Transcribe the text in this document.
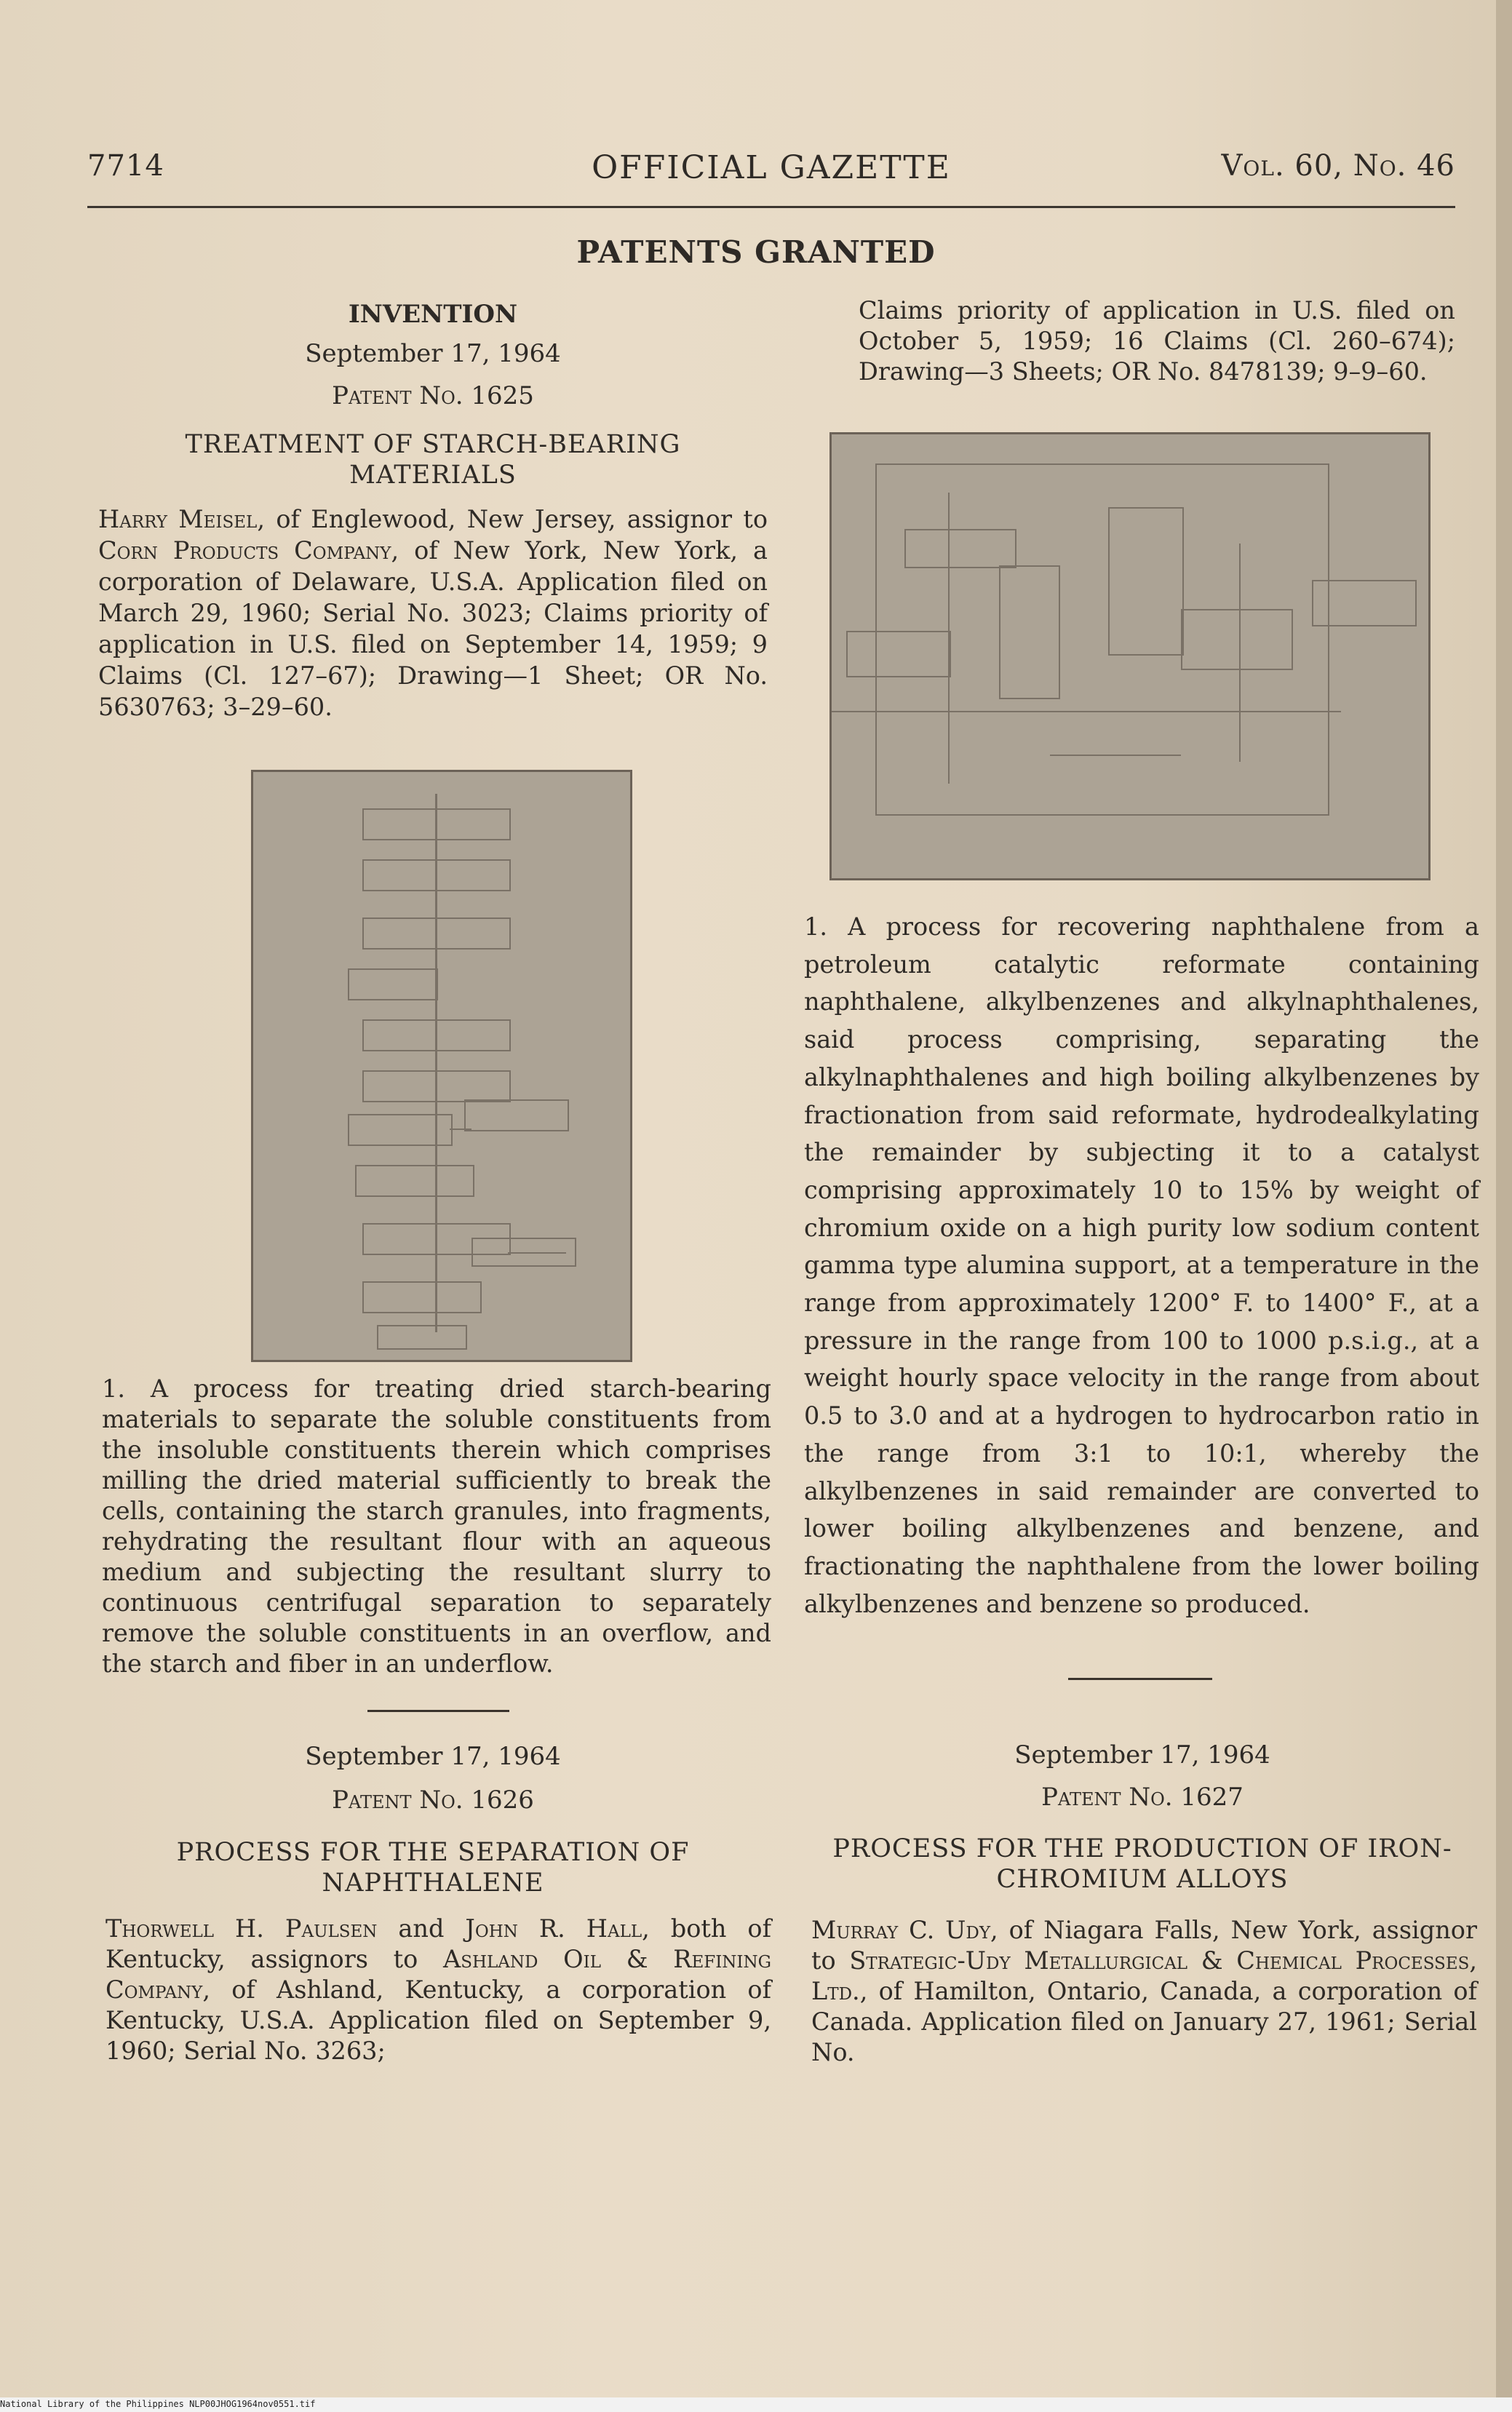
7714	OFFICIAL GAZETTE	Vol. 60, No. 46
PATENTS GRANTED
INVENTION
September 17, 1964
Patent No. 1625
TREATMENT OF STARCH-BEARING MATERIALS
Harry Meisel, of Englewood, New Jersey, assignor to Corn Products Company, of New York, New York, a corporation of Delaware, U.S.A. Application filed on March 29, 1960; Serial No. 3023; Claims priority of application in U.S. filed on September 14, 1959; 9 Claims (Cl. 127–67); Drawing—1 Sheet; OR No. 5630763; 3–29–60.
1. A process for treating dried starch-bearing materials to separate the soluble constituents from the insoluble constituents therein which comprises milling the dried material sufficiently to break the cells, containing the starch granules, into fragments, rehydrating the resultant flour with an aqueous medium and subjecting the resultant slurry to continuous centrifugal separation to separately remove the soluble constituents in an overflow, and the starch and fiber in an underflow.
September 17, 1964
Patent No. 1626
PROCESS FOR THE SEPARATION OF NAPHTHALENE
Thorwell H. Paulsen and John R. Hall, both of Kentucky, assignors to Ashland Oil & Refining Company, of Ashland, Kentucky, a corporation of Kentucky, U.S.A. Application filed on September 9, 1960; Serial No. 3263;
Claims priority of application in U.S. filed on October 5, 1959; 16 Claims (Cl. 260–674); Drawing—3 Sheets; OR No. 8478139; 9–9–60.
1. A process for recovering naphthalene from a petroleum catalytic reformate containing naphthalene, alkylbenzenes and alkylnaphthalenes, said process comprising, separating the alkylnaphthalenes and high boiling alkylbenzenes by fractionation from said reformate, hydrodealkylating the remainder by subjecting it to a catalyst comprising approximately 10 to 15% by weight of chromium oxide on a high purity low sodium content gamma type alumina support, at a temperature in the range from approximately 1200° F. to 1400° F., at a pressure in the range from 100 to 1000 p.s.i.g., at a weight hourly space velocity in the range from about 0.5 to 3.0 and at a hydrogen to hydrocarbon ratio in the range from 3:1 to 10:1, whereby the alkylbenzenes in said remainder are converted to lower boiling alkylbenzenes and benzene, and fractionating the naphthalene from the lower boiling alkylbenzenes and benzene so produced.
September 17, 1964
Patent No. 1627
PROCESS FOR THE PRODUCTION OF IRON-CHROMIUM ALLOYS
Murray C. Udy, of Niagara Falls, New York, assignor to Strategic-Udy Metallurgical & Chemical Processes, Ltd., of Hamilton, Ontario, Canada, a corporation of Canada. Application filed on January 27, 1961; Serial No.
National Library of the Philippines NLP00JHOG1964nov0551.tif
